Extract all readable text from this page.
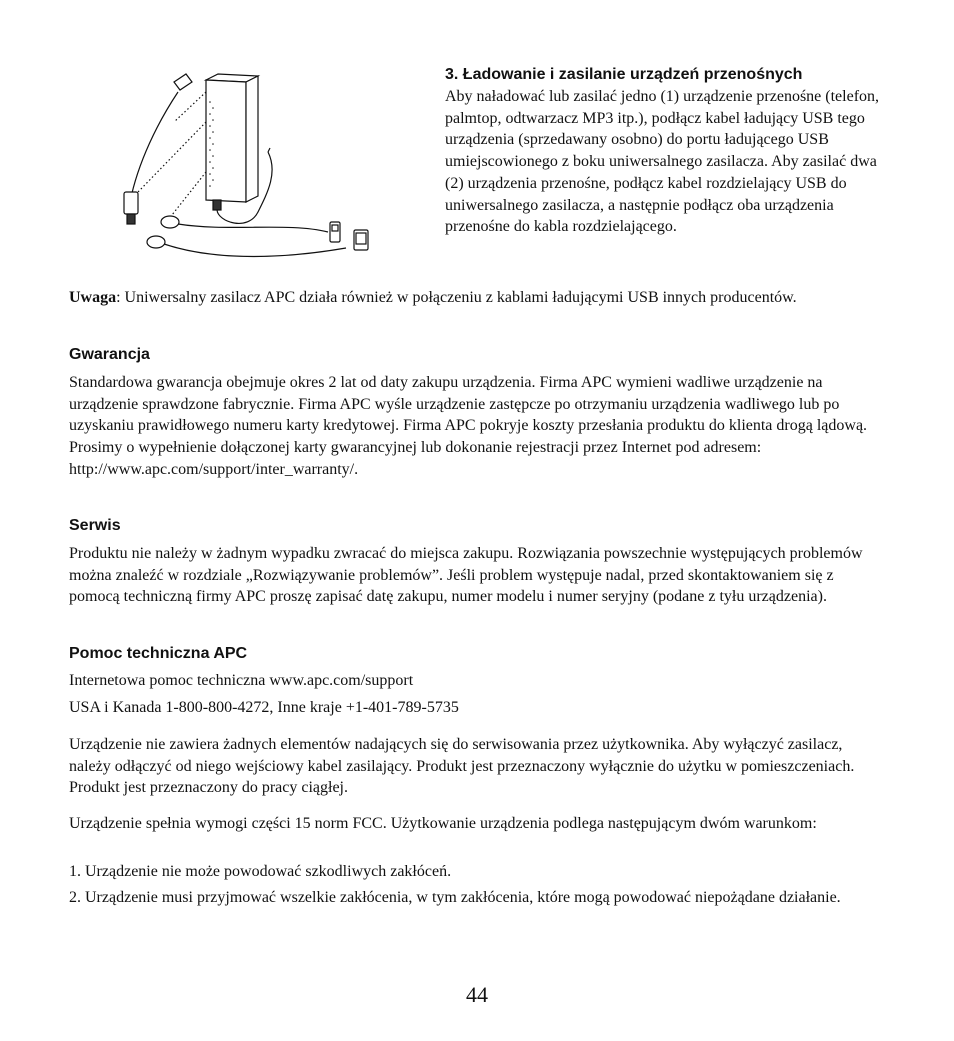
3. Ładowanie i zasilanie urządzeń przenośnych

Aby naładować lub zasilać jedno (1) urządzenie przenośne (telefon, palmtop, odtwarzacz MP3 itp.), podłącz kabel ładujący USB tego urządzenia (sprzedawany osobno) do portu ładującego USB umiejscowionego z boku uniwersalnego zasilacza. Aby zasilać dwa (2) urządzenia przenośne, podłącz kabel rozdzielający USB do uniwersalnego zasilacza, a następnie podłącz oba urządzenia przenośne do kabla rozdzielającego.

Uwaga: Uniwersalny zasilacz APC działa również w połączeniu z kablami ładującymi USB innych producentów.

Gwarancja

Standardowa gwarancja obejmuje okres 2 lat od daty zakupu urządzenia. Firma APC wymieni wadliwe urządzenie na urządzenie sprawdzone fabrycznie. Firma APC wyśle urządzenie zastępcze po otrzymaniu urządzenia wadliwego lub po uzyskaniu prawidłowego numeru karty kredytowej. Firma APC pokryje koszty przesłania produktu do klienta drogą lądową. Prosimy o wypełnienie dołączonej karty gwarancyjnej lub dokonanie rejestracji przez Internet pod adresem: http://www.apc.com/support/inter_warranty/.

Serwis

Produktu nie należy w żadnym wypadku zwracać do miejsca zakupu. Rozwiązania powszechnie występujących problemów można znaleźć w rozdziale „Rozwiązywanie problemów”. Jeśli problem występuje nadal, przed skontaktowaniem się z pomocą techniczną firmy APC proszę zapisać datę zakupu, numer modelu i numer seryjny (podane z tyłu urządzenia).

Pomoc techniczna APC

Internetowa pomoc techniczna www.apc.com/support

USA i Kanada 1-800-800-4272, Inne kraje +1-401-789-5735

Urządzenie nie zawiera żadnych elementów nadających się do serwisowania przez użytkownika. Aby wyłączyć zasilacz, należy odłączyć od niego wejściowy kabel zasilający. Produkt jest przeznaczony wyłącznie do użytku w pomieszczeniach. Produkt jest przeznaczony do pracy ciągłej.

Urządzenie spełnia wymogi części 15 norm FCC. Użytkowanie urządzenia podlega następującym dwóm warunkom:

1. Urządzenie nie może powodować szkodliwych zakłóceń.

2. Urządzenie musi przyjmować wszelkie zakłócenia, w tym zakłócenia, które mogą powodować niepożądane działanie.

44
